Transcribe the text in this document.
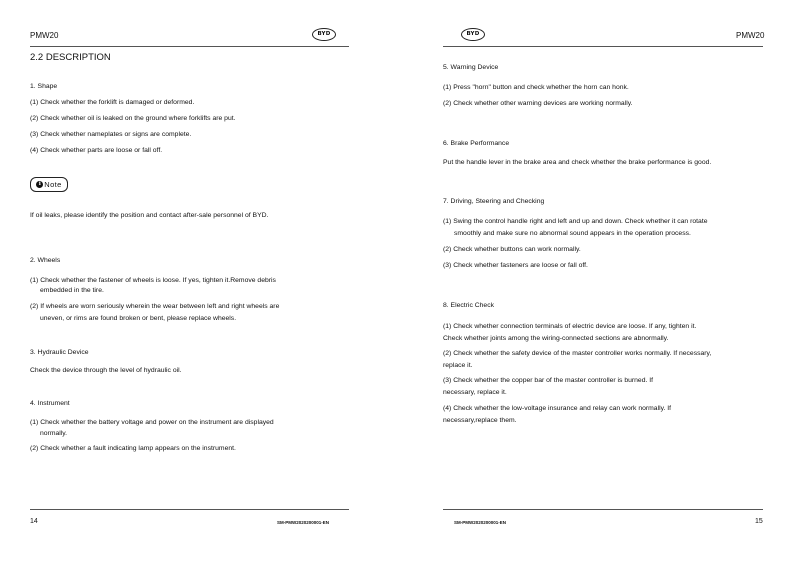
PMW20	BYD
2.2 DESCRIPTION
1. Shape
(1) Check whether the forklift is damaged or deformed.
(2) Check whether oil is leaked on the ground where forklifts are put.
(3) Check whether nameplates or signs are complete.
(4) Check whether parts are loose or fall off.
i Note
If oil leaks, please identify the position and contact after-sale personnel of BYD.
2. Wheels
(1) Check whether the fastener of wheels is loose. If yes, tighten it.Remove debris
embedded in the tire.
(2) If wheels are worn seriously wherein the wear between left and right wheels are
uneven, or rims are found broken or bent, please replace wheels.
3. Hydraulic Device
Check the device through the level of hydraulic oil.
4. Instrument
(1) Check whether the battery voltage and power on the instrument are displayed
normally.
(2) Check whether a fault indicating lamp appears on the instrument.
14	SM-PMW2020200001-EN
BYD	PMW20
5. Warning Device
(1) Press "horn" button and check whether the horn can honk.
(2) Check whether other warning devices are working normally.
6. Brake Performance
Put the handle lever in the brake area and check whether the brake performance is good.
7. Driving, Steering and Checking
(1) Swing the control handle right and left and up and down. Check whether it can rotate
smoothly and make sure no abnormal sound appears in the operation process.
(2) Check whether buttons can work normally.
(3) Check whether fasteners are loose or fall off.
8. Electric Check
(1) Check whether connection terminals of electric device are loose. If any, tighten it.
Check whether joints among the wiring-connected sections are abnormally.
(2) Check whether the safety device of the master controller works normally. If necessary,
replace it.
(3) Check whether the copper bar of the master controller is burned. If
necessary, replace it.
(4) Check whether the low-voltage insurance and relay can work normally. If
necessary,replace them.
SM-PMW2020200001-EN	15
